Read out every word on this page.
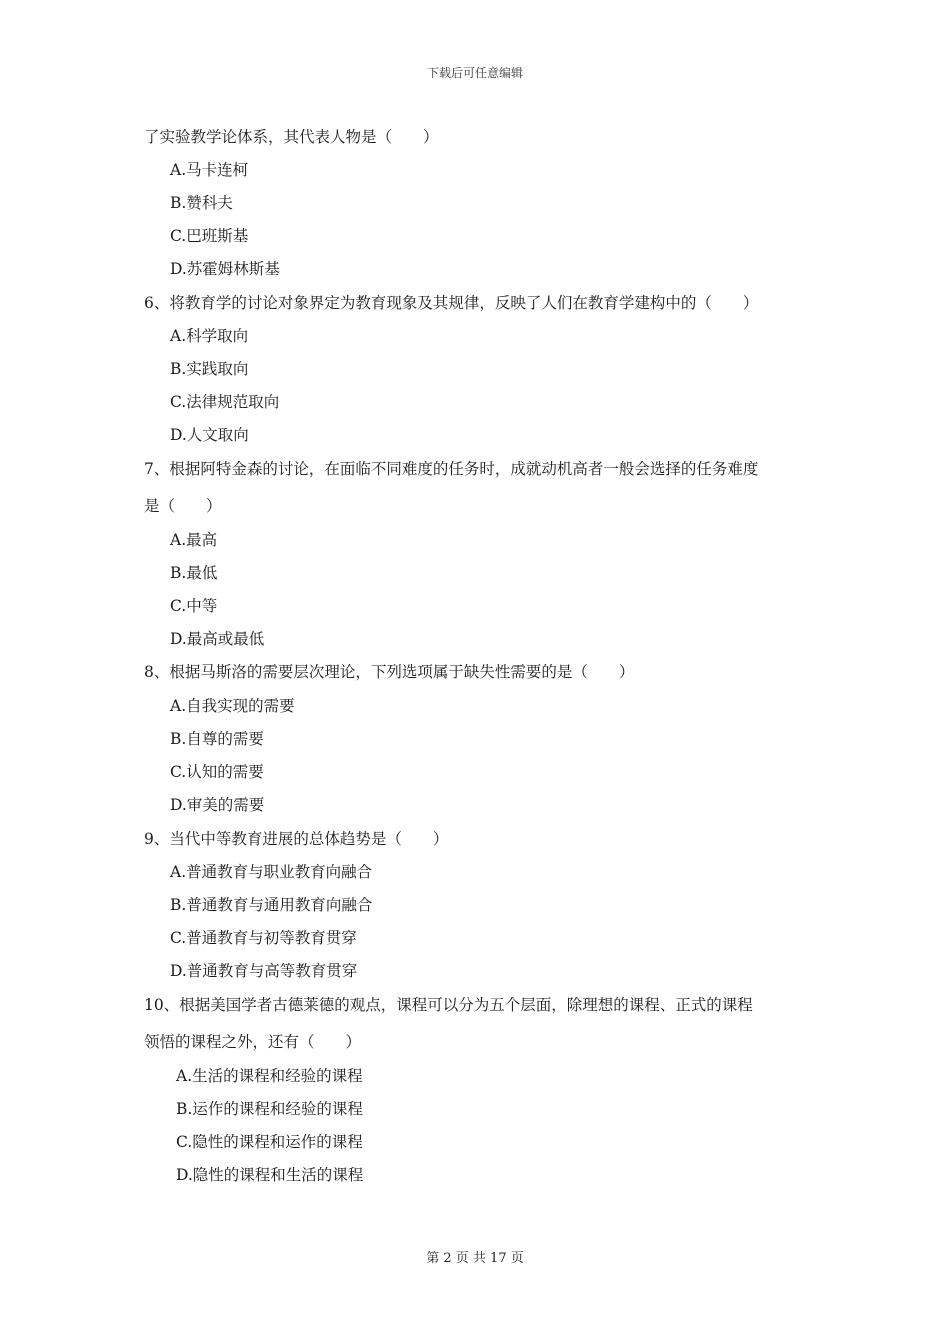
下载后可任意编辑
了实验教学论体系，其代表人物是（　　）
A.马卡连柯
B.赞科夫
C.巴班斯基
D.苏霍姆林斯基
6、将教育学的讨论对象界定为教育现象及其规律，反映了人们在教育学建构中的（　　）
A.科学取向
B.实践取向
C.法律规范取向
D.人文取向
7、根据阿特金森的讨论，在面临不同难度的任务时，成就动机高者一般会选择的任务难度
是（　　）
A.最高
B.最低
C.中等
D.最高或最低
8、根据马斯洛的需要层次理论，下列选项属于缺失性需要的是（　　）
A.自我实现的需要
B.自尊的需要
C.认知的需要
D.审美的需要
9、当代中等教育进展的总体趋势是（　　）
A.普通教育与职业教育向融合
B.普通教育与通用教育向融合
C.普通教育与初等教育贯穿
D.普通教育与高等教育贯穿
10、根据美国学者古德莱德的观点，课程可以分为五个层面，除理想的课程、正式的课程
领悟的课程之外，还有（　　）
A.生活的课程和经验的课程
B.运作的课程和经验的课程
C.隐性的课程和运作的课程
D.隐性的课程和生活的课程
第 2 页 共 17 页
